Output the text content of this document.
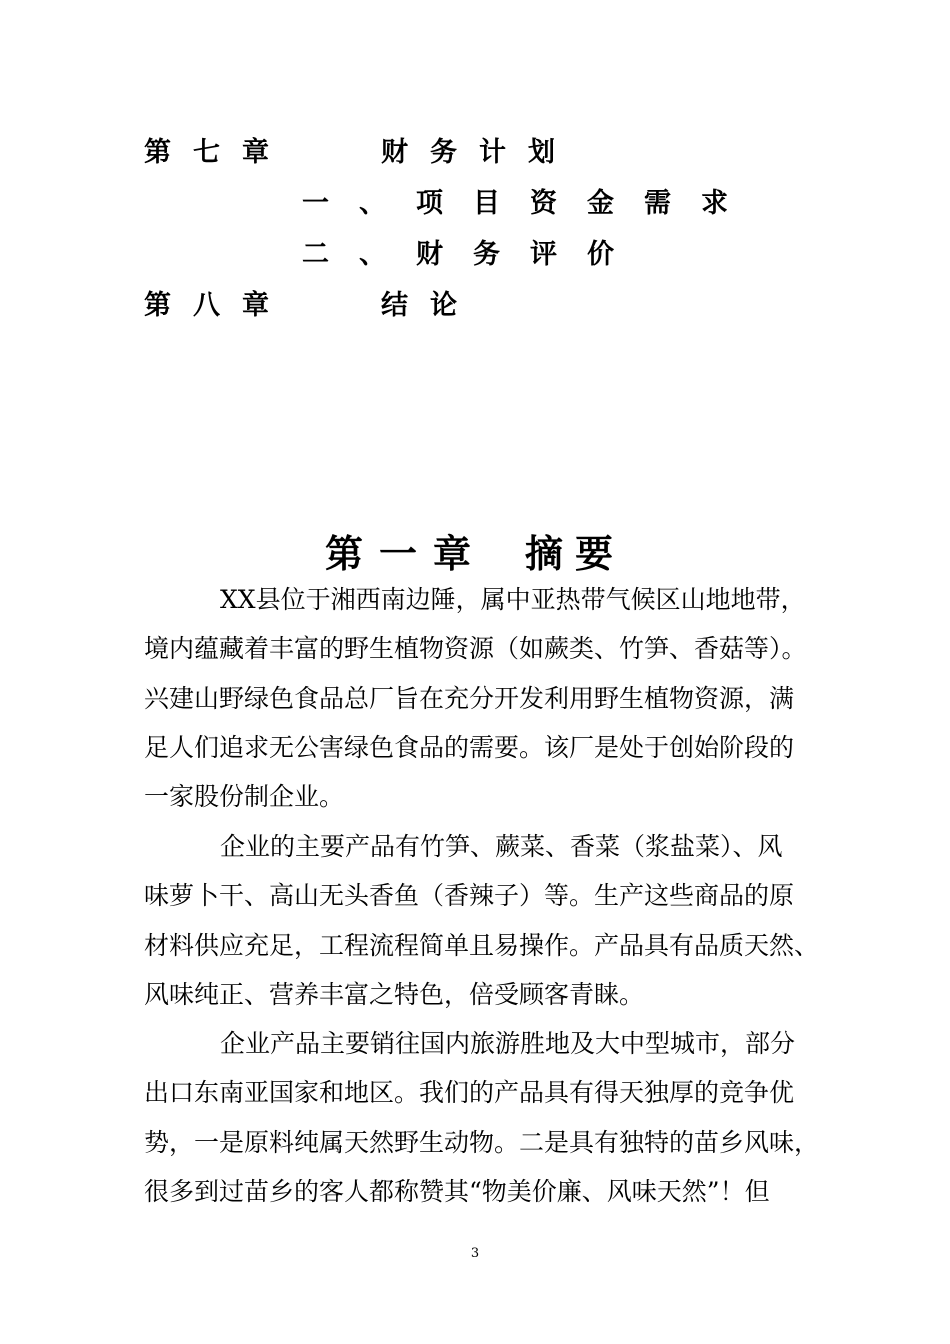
第七章	财务计划
一、项目资金需求
二、财务评价
第八章	结论
第一章 摘要
XX县位于湘西南边陲，属中亚热带气候区山地地带，
境内蕴藏着丰富的野生植物资源（如蕨类、竹笋、香菇等）。
兴建山野绿色食品总厂旨在充分开发利用野生植物资源，满
足人们追求无公害绿色食品的需要。该厂是处于创始阶段的
一家股份制企业。
企业的主要产品有竹笋、蕨菜、香菜（浆盐菜）、风
味萝卜干、高山无头香鱼（香辣子）等。生产这些商品的原
材料供应充足，工程流程简单且易操作。产品具有品质天然、
风味纯正、营养丰富之特色，倍受顾客青睐。
企业产品主要销往国内旅游胜地及大中型城市，部分
出口东南亚国家和地区。我们的产品具有得天独厚的竞争优
势，一是原料纯属天然野生动物。二是具有独特的苗乡风味，
很多到过苗乡的客人都称赞其“物美价廉、风味天然”！但
3
